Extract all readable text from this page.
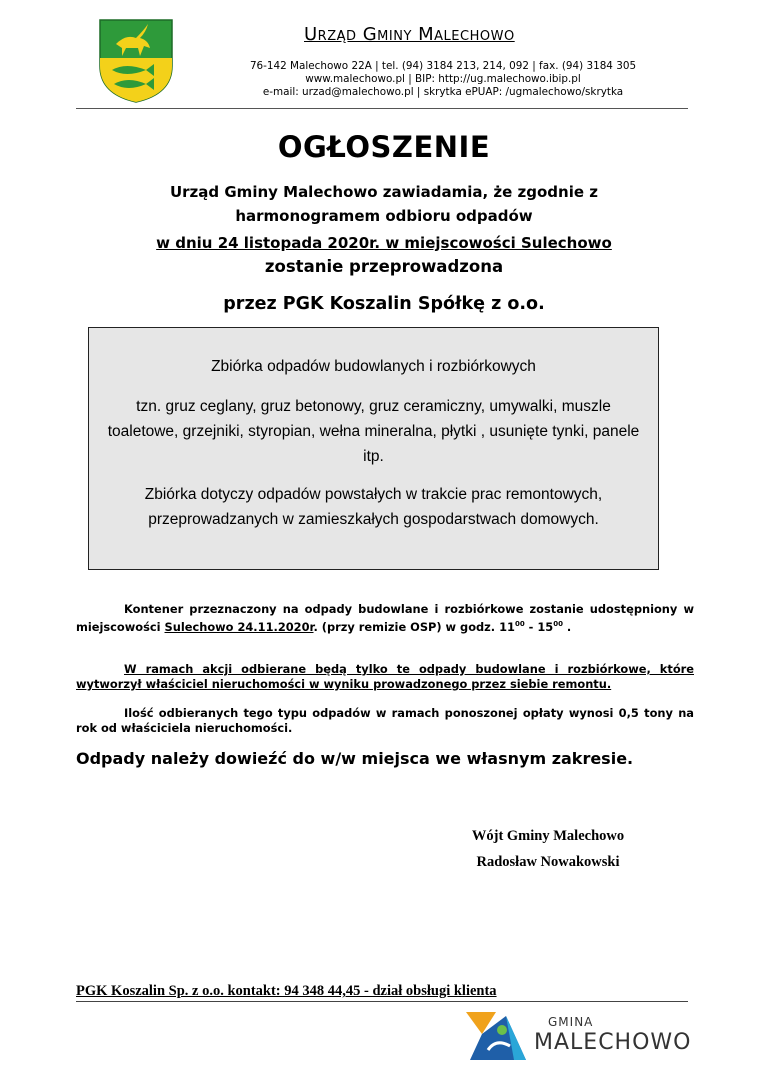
Urząd Gminy Malechowo
76-142 Malechowo 22A | tel. (94) 3184 213, 214, 092 | fax. (94) 3184 305
www.malechowo.pl | BIP: http://ug.malechowo.ibip.pl
e-mail: urzad@malechowo.pl | skrytka ePUAP: /ugmalechowo/skrytka
OGŁOSZENIE
Urząd Gminy Malechowo zawiadamia, że zgodnie z
harmonogramem odbioru odpadów
w dniu 24 listopada 2020r. w miejscowości Sulechowo
zostanie przeprowadzona
przez PGK Koszalin Spółkę z o.o.
Zbiórka odpadów budowlanych i rozbiórkowych
tzn. gruz ceglany, gruz betonowy, gruz ceramiczny, umywalki, muszle toaletowe, grzejniki, styropian, wełna mineralna, płytki , usunięte tynki, panele itp.
Zbiórka dotyczy odpadów powstałych w trakcie prac remontowych, przeprowadzanych w zamieszkałych gospodarstwach domowych.
Kontener przeznaczony na odpady budowlane i rozbiórkowe zostanie udostępniony w miejscowości Sulechowo 24.11.2020r. (przy remizie OSP) w godz. $11^{00} - 15^{00}$ .
W ramach akcji odbierane będą tylko te odpady budowlane i rozbiórkowe, które wytworzył właściciel nieruchomości w wyniku prowadzonego przez siebie remontu.
Ilość odbieranych tego typu odpadów w ramach ponoszonej opłaty wynosi 0,5 tony na rok od właściciela nieruchomości.
Odpady należy dowieźć do w/w miejsca we własnym zakresie.
Wójt Gminy Malechowo
Radosław Nowakowski
PGK Koszalin Sp. z o.o. kontakt: 94 348 44,45 - dział obsługi klienta
GMINA
MALECHOWO
